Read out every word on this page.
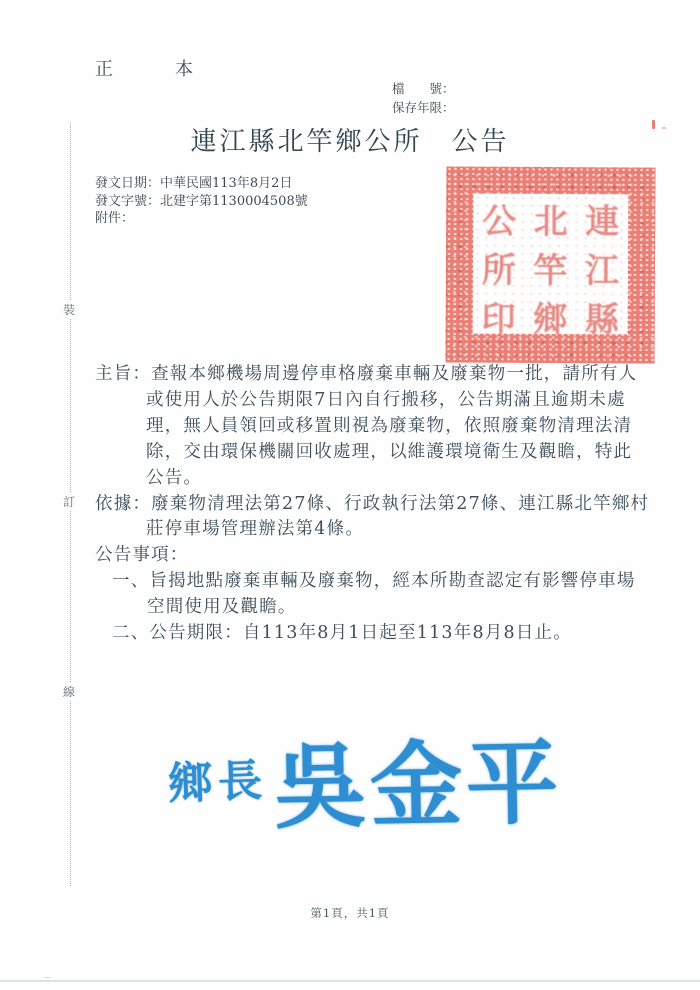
正　本
檔　　號：
保存年限：
連江縣北竿鄉公所　公告
發文日期：中華民國113年8月2日
發文字號：北建字第1130004508號
附件：	公 北 連
所 竿 江
印 鄉 縣
裝
訂
線
主旨：查報本鄉機場周邊停車格廢棄車輛及廢棄物一批，請所有人
或使用人於公告期限7日內自行搬移，公告期滿且逾期未處
理，無人員領回或移置則視為廢棄物，依照廢棄物清理法清
除，交由環保機關回收處理，以維護環境衛生及觀瞻，特此
公告。
依據：廢棄物清理法第27條、行政執行法第27條、連江縣北竿鄉村
莊停車場管理辦法第4條。
公告事項：
一、旨揭地點廢棄車輛及廢棄物，經本所勘查認定有影響停車場
空間使用及觀瞻。
二、公告期限：自113年8月1日起至113年8月8日止。
鄉長 吳金平
第1頁，共1頁
